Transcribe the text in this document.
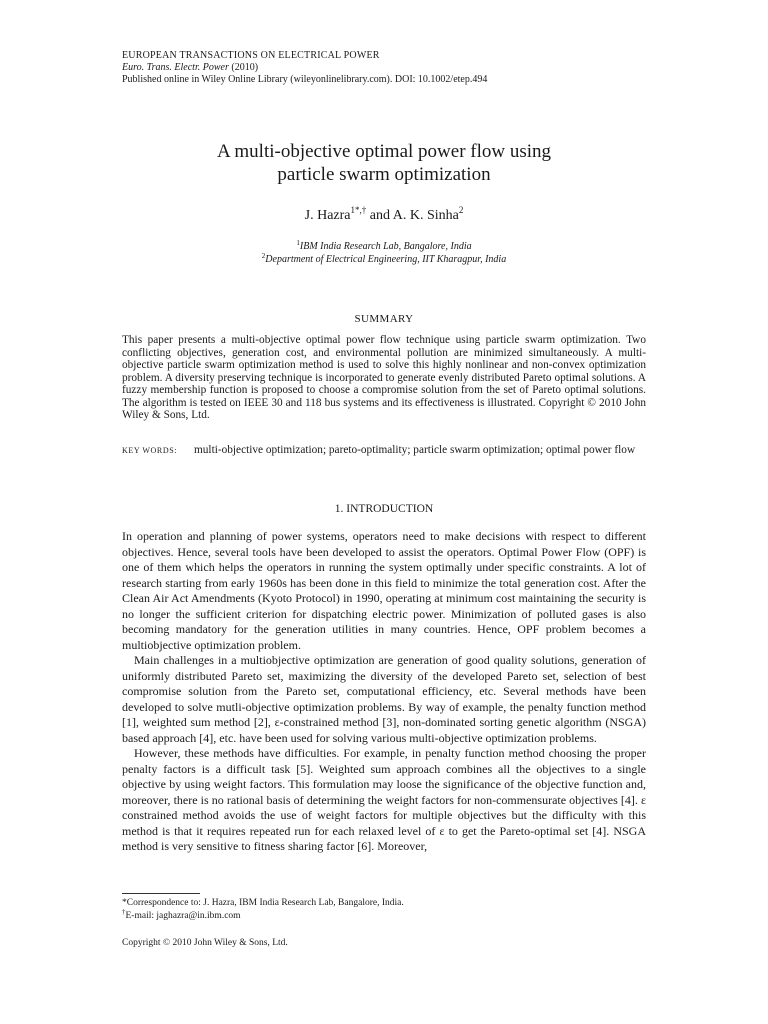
EUROPEAN TRANSACTIONS ON ELECTRICAL POWER
Euro. Trans. Electr. Power (2010)
Published online in Wiley Online Library (wileyonlinelibrary.com). DOI: 10.1002/etep.494
A multi-objective optimal power flow using
particle swarm optimization
J. Hazra$^{1*,\dagger}$ and A. K. Sinha$^2$
$^1$IBM India Research Lab, Bangalore, India
$^2$Department of Electrical Engineering, IIT Kharagpur, India
SUMMARY
This paper presents a multi-objective optimal power flow technique using particle swarm optimization. Two conflicting objectives, generation cost, and environmental pollution are minimized simultaneously. A multi-objective particle swarm optimization method is used to solve this highly nonlinear and non-convex optimization problem. A diversity preserving technique is incorporated to generate evenly distributed Pareto optimal solutions. A fuzzy membership function is proposed to choose a compromise solution from the set of Pareto optimal solutions. The algorithm is tested on IEEE 30 and 118 bus systems and its effectiveness is illustrated. Copyright © 2010 John Wiley & Sons, Ltd.
KEY WORDS: multi-objective optimization; pareto-optimality; particle swarm optimization; optimal power flow
1. INTRODUCTION

In operation and planning of power systems, operators need to make decisions with respect to different objectives. Hence, several tools have been developed to assist the operators. Optimal Power Flow (OPF) is one of them which helps the operators in running the system optimally under specific constraints. A lot of research starting from early 1960s has been done in this field to minimize the total generation cost. After the Clean Air Act Amendments (Kyoto Protocol) in 1990, operating at minimum cost maintaining the security is no longer the sufficient criterion for dispatching electric power. Minimization of polluted gases is also becoming mandatory for the generation utilities in many countries. Hence, OPF problem becomes a multiobjective optimization problem.

Main challenges in a multiobjective optimization are generation of good quality solutions, generation of uniformly distributed Pareto set, maximizing the diversity of the developed Pareto set, selection of best compromise solution from the Pareto set, computational efficiency, etc. Several methods have been developed to solve mutli-objective optimization problems. By way of example, the penalty function method [1], weighted sum method [2], ε-constrained method [3], non-dominated sorting genetic algorithm (NSGA) based approach [4], etc. have been used for solving various multi-objective optimization problems.

However, these methods have difficulties. For example, in penalty function method choosing the proper penalty factors is a difficult task [5]. Weighted sum approach combines all the objectives to a single objective by using weight factors. This formulation may loose the significance of the objective function and, moreover, there is no rational basis of determining the weight factors for non-commensurate objectives [4]. ε constrained method avoids the use of weight factors for multiple objectives but the difficulty with this method is that it requires repeated run for each relaxed level of ε to get the Pareto-optimal set [4]. NSGA method is very sensitive to fitness sharing factor [6]. Moreover,

*Correspondence to: J. Hazra, IBM India Research Lab, Bangalore, India.
†E-mail: jaghazra@in.ibm.com
Copyright © 2010 John Wiley & Sons, Ltd.
